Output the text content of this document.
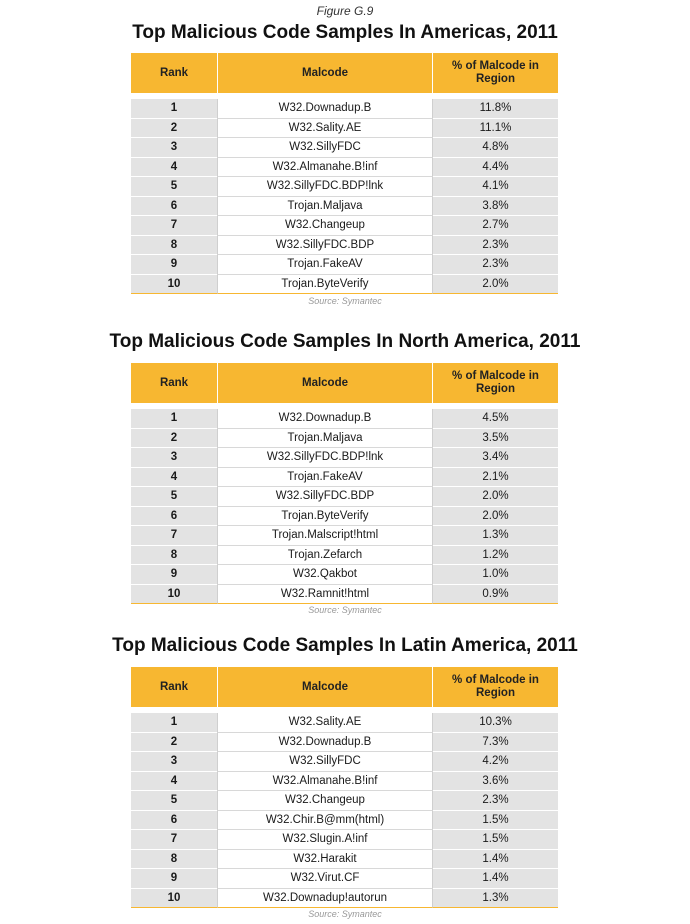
Figure G.9
Top Malicious Code Samples In Americas, 2011
Rank	Malcode	% of Malcode in
Region

1	W32.Downadup.B	11.8%
2	W32.Sality.AE	11.1%
3	W32.SillyFDC	4.8%
4	W32.Almanahe.B!inf	4.4%
5	W32.SillyFDC.BDP!lnk	4.1%
6	Trojan.Maljava	3.8%
7	W32.Changeup	2.7%
8	W32.SillyFDC.BDP	2.3%
9	Trojan.FakeAV	2.3%
10	Trojan.ByteVerify	2.0%
Source: Symantec
Top Malicious Code Samples In North America, 2011
Rank	Malcode	% of Malcode in
Region

1	W32.Downadup.B	4.5%
2	Trojan.Maljava	3.5%
3	W32.SillyFDC.BDP!lnk	3.4%
4	Trojan.FakeAV	2.1%
5	W32.SillyFDC.BDP	2.0%
6	Trojan.ByteVerify	2.0%
7	Trojan.Malscript!html	1.3%
8	Trojan.Zefarch	1.2%
9	W32.Qakbot	1.0%
10	W32.Ramnit!html	0.9%
Source: Symantec
Top Malicious Code Samples In Latin America, 2011
Rank	Malcode	% of Malcode in
Region

1	W32.Sality.AE	10.3%
2	W32.Downadup.B	7.3%
3	W32.SillyFDC	4.2%
4	W32.Almanahe.B!inf	3.6%
5	W32.Changeup	2.3%
6	W32.Chir.B@mm(html)	1.5%
7	W32.Slugin.A!inf	1.5%
8	W32.Harakit	1.4%
9	W32.Virut.CF	1.4%
10	W32.Downadup!autorun	1.3%
Source: Symantec
